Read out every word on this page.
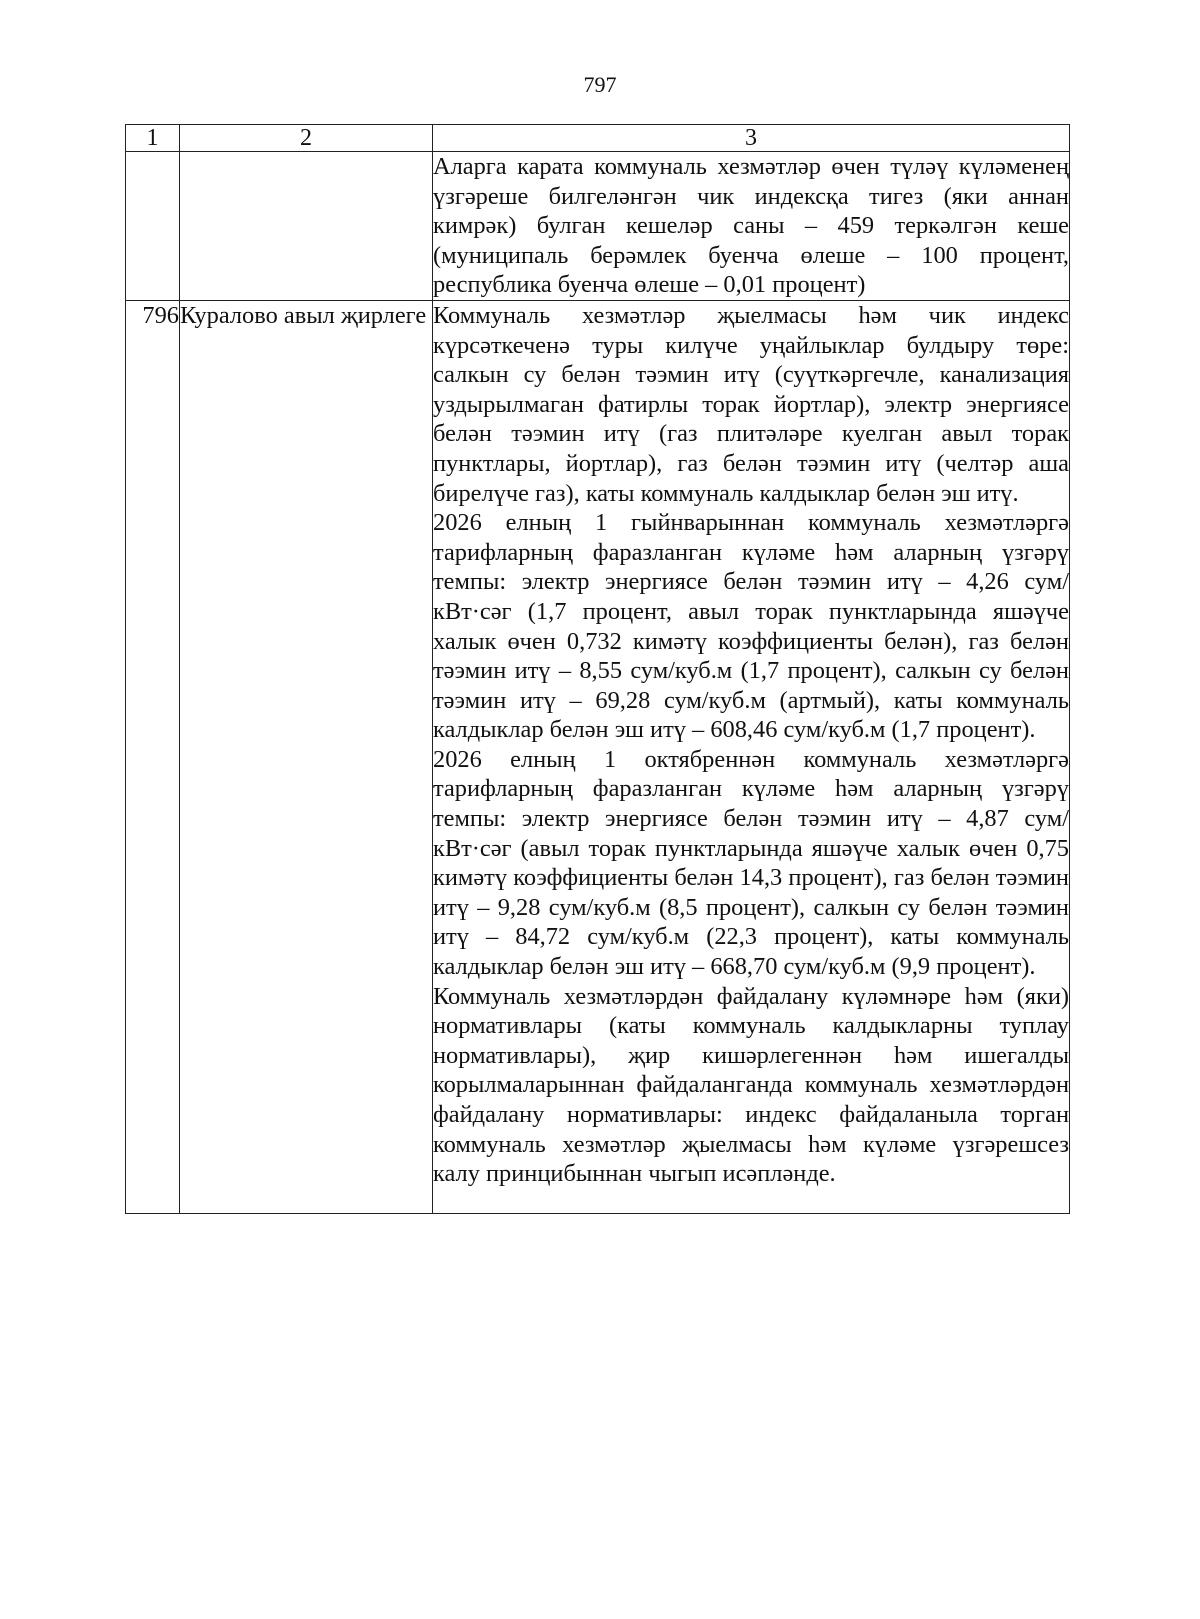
797
1	2	3

		Аларга карата коммуналь хезмәтләр өчен түләү күләменең үзгәреше билгеләнгән чик индексқа тигез (яки аннан кимрәк) булган кешеләр саны – 459 теркәлгән кеше (муниципаль берәмлек буенча өлеше – 100 процент, республика буенча өлеше – 0,01 процент)

796	Куралово авыл җирлеге	Коммуналь хезмәтләр җыелмасы һәм чик индекс күрсәткеченә туры килүче уңайлыклар булдыру төре: салкын су белән тәэмин итү (суүткәргечле, канализация уздырылмаган фатирлы торак йортлар), электр энергиясе белән тәэмин итү (газ плитәләре куелган авыл торак пунктлары, йортлар), газ белән тәэмин итү (челтәр аша бирелүче газ), каты коммуналь калдыклар белән эш итү.

2026 елның 1 гыйнварыннан коммуналь хезмәтләргә тарифларның фаразланган күләме һәм аларның үзгәрү темпы: электр энергиясе белән тәэмин итү – 4,26 сум/кВт·сәг (1,7 процент, авыл торак пунктларында яшәүче халык өчен 0,732 кимәтү коэффициенты белән), газ белән тәэмин итү – 8,55 сум/куб.м (1,7 процент), салкын су белән тәэмин итү – 69,28 сум/куб.м (артмый), каты коммуналь калдыклар белән эш итү – 608,46 сум/куб.м (1,7 процент).

2026 елның 1 октябреннән коммуналь хезмәтләргә тарифларның фаразланган күләме һәм аларның үзгәрү темпы: электр энергиясе белән тәэмин итү – 4,87 сум/кВт·сәг (авыл торак пунктларында яшәүче халык өчен 0,75 кимәтү коэффициенты белән 14,3 процент), газ белән тәэмин итү – 9,28 сум/куб.м (8,5 процент), салкын су белән тәэмин итү – 84,72 сум/куб.м (22,3 процент), каты коммуналь калдыклар белән эш итү – 668,70 сум/куб.м (9,9 процент).

Коммуналь хезмәтләрдән файдалану күләмнәре һәм (яки) нормативлары (каты коммуналь калдыкларны туплау нормативлары), җир кишәрлегеннән һәм ишегалды корылмаларыннан файдаланганда коммуналь хезмәтләрдән файдалану нормативлары: индекс файдаланыла торган коммуналь хезмәтләр җыелмасы һәм күләме үзгәрешсез калу принцибыннан чыгып исәпләнде.
